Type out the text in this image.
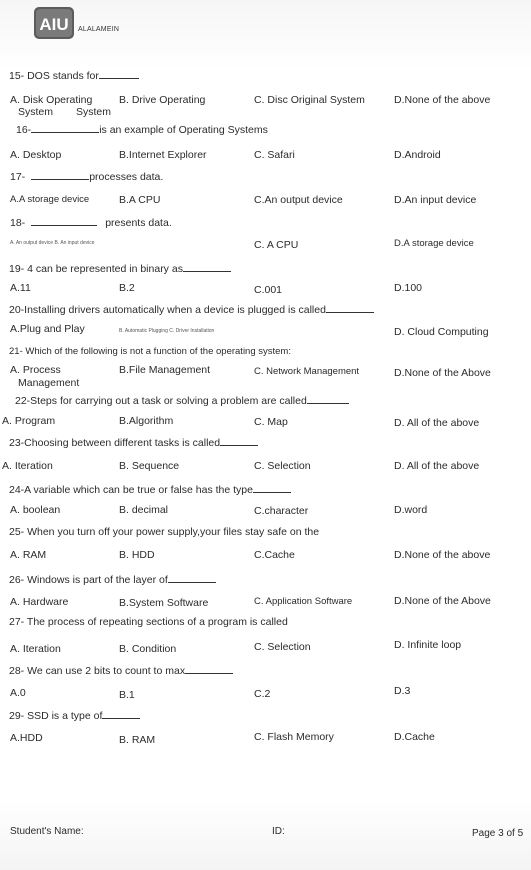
AIU ALALAMEIN
15- DOS stands for
A. Disk Operating
System
B. Drive Operating
System
C. Disc Original System	D.None of the above
16-	is an example of Operating Systems
A. Desktop	B.Internet Explorer	C. Safari	D.Android
17-	processes data.
A.A storage device	B.A CPU	C.An output device	D.An input device
18-	presents data.
A. An output device B. An input device	C. A CPU	D.A storage device
19- 4 can be represented in binary as
A.11	B.2	C.001	D.100
20-Installing drivers automatically when a device is plugged is called
A.Plug and Play	B. Automatic Plugging C. Driver Installation	D. Cloud Computing
21- Which of the following is not a function of the operating system:
A. Process
Management
B.File Management	C. Network Management	D.None of the Above
22-Steps for carrying out a task or solving a problem are called
A. Program	B.Algorithm	C. Map	D. All of the above
23-Choosing between different tasks is called
A. Iteration	B. Sequence	C. Selection	D. All of the above
24-A variable which can be true or false has the type
A. boolean	B. decimal	C.character	D.word
25- When you turn off your power supply,your files stay safe on the
A. RAM	B. HDD	C.Cache	D.None of the above
26- Windows is part of the layer of
A. Hardware	B.System Software	C. Application Software	D.None of the Above
27- The process of repeating sections of a program is called
A. Iteration	B. Condition	C. Selection	D. Infinite loop
28- We can use 2 bits to count to max
A.0	B.1	C.2	D.3
29- SSD is a type of
A.HDD	B. RAM	C. Flash Memory	D.Cache
Student's Name:	ID:	Page 3 of 5
